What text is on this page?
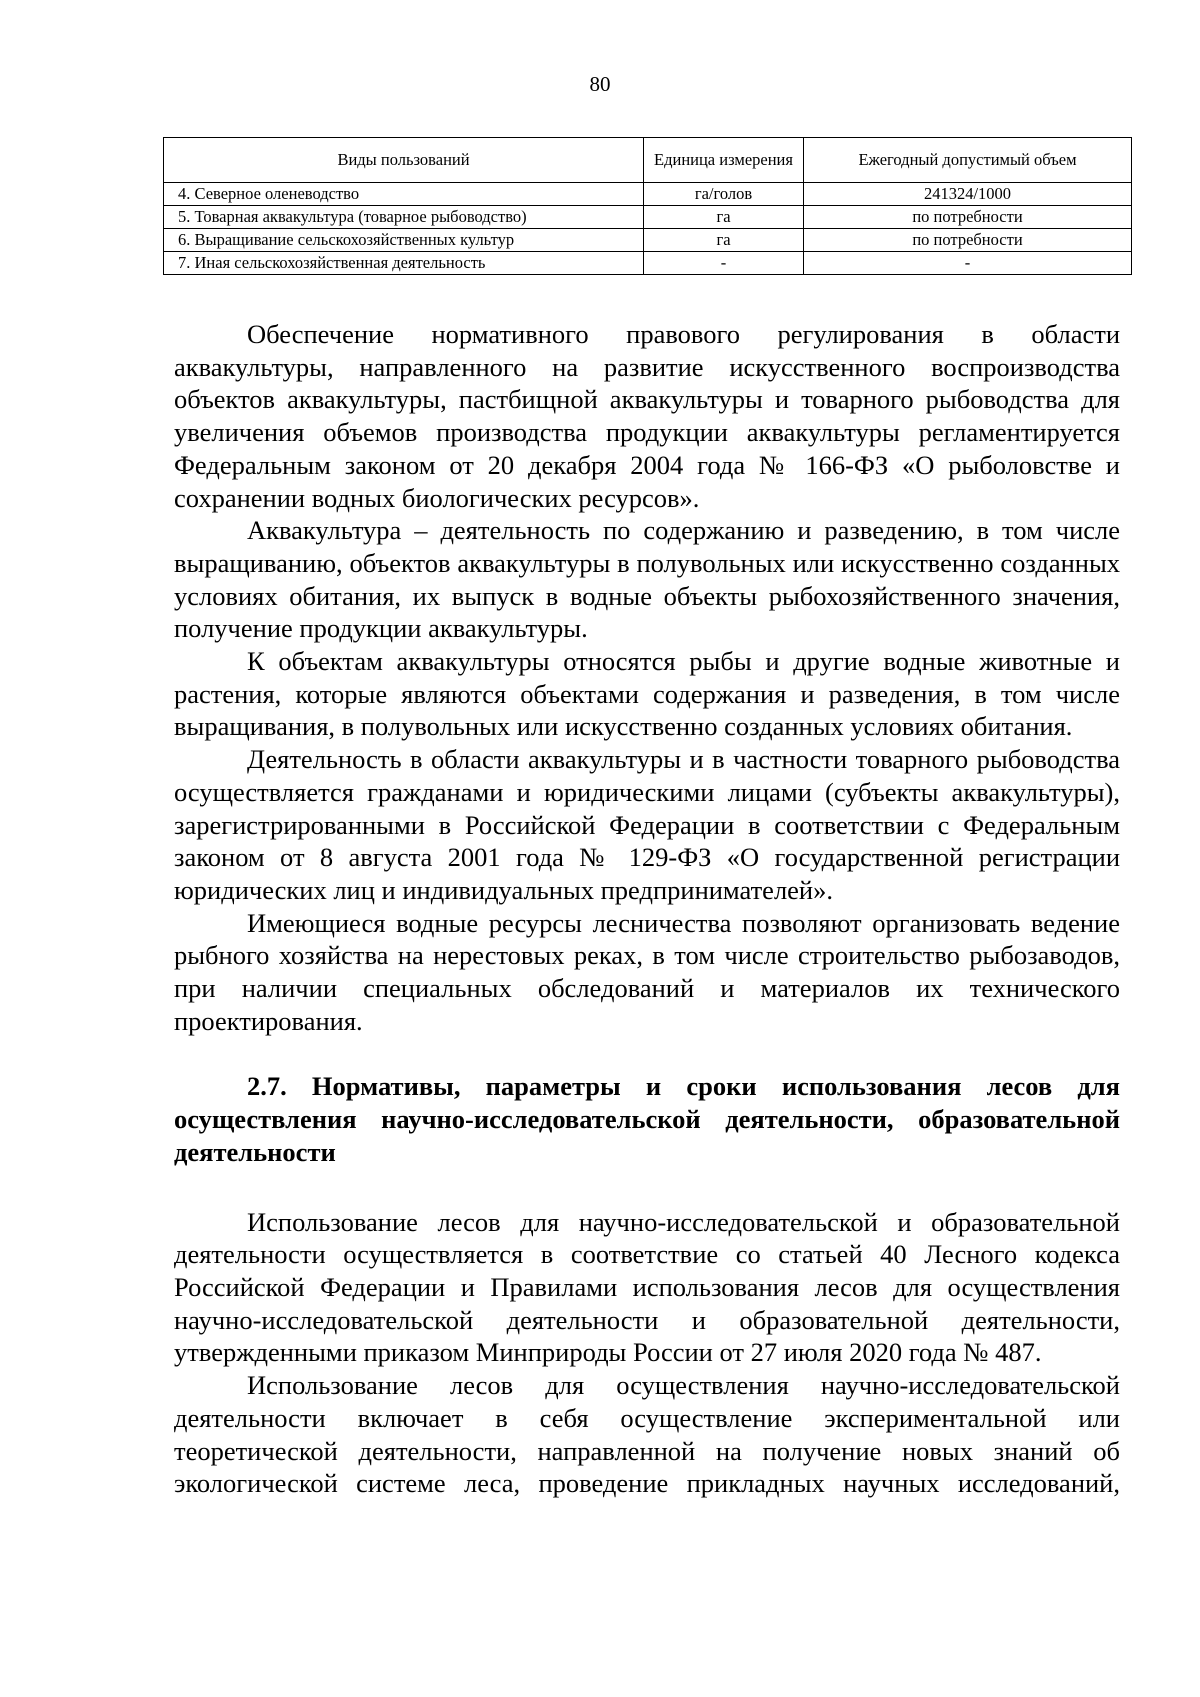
80
Виды пользований	Единица измерения	Ежегодный допустимый объем
4. Северное оленеводство	га/голов	241324/1000
5. Товарная аквакультура (товарное рыбоводство)	га	по потребности
6. Выращивание сельскохозяйственных культур	га	по потребности
7. Иная сельскохозяйственная деятельность	-	-

Обеспечение нормативного правового регулирования в области аквакультуры, направленного на развитие искусственного воспроизводства объектов аквакультуры, пастбищной аквакультуры и товарного рыбоводства для увеличения объемов производства продукции аквакультуры регламентируется Федеральным законом от 20 декабря 2004 года № 166-ФЗ «О рыболовстве и сохранении водных биологических ресурсов».

Аквакультура – деятельность по содержанию и разведению, в том числе выращиванию, объектов аквакультуры в полувольных или искусственно созданных условиях обитания, их выпуск в водные объекты рыбохозяйственного значения, получение продукции аквакультуры.

К объектам аквакультуры относятся рыбы и другие водные животные и растения, которые являются объектами содержания и разведения, в том числе выращивания, в полувольных или искусственно созданных условиях обитания.

Деятельность в области аквакультуры и в частности товарного рыбоводства осуществляется гражданами и юридическими лицами (субъекты аквакультуры), зарегистрированными в Российской Федерации в соответствии с Федеральным законом от 8 августа 2001 года № 129-ФЗ «О государственной регистрации юридических лиц и индивидуальных предпринимателей».

Имеющиеся водные ресурсы лесничества позволяют организовать ведение рыбного хозяйства на нерестовых реках, в том числе строительство рыбозаводов, при наличии специальных обследований и материалов их технического проектирования.

2.7. Нормативы, параметры и сроки использования лесов для осуществления научно-исследовательской деятельности, образовательной деятельности

Использование лесов для научно-исследовательской и образовательной деятельности осуществляется в соответствие со статьей 40 Лесного кодекса Российской Федерации и Правилами использования лесов для осуществления научно-исследовательской деятельности и образовательной деятельности, утвержденными приказом Минприроды России от 27 июля 2020 года № 487.

Использование лесов для осуществления научно-исследовательской деятельности включает в себя осуществление экспериментальной или теоретической деятельности, направленной на получение новых знаний об экологической системе леса, проведение прикладных научных исследований,
